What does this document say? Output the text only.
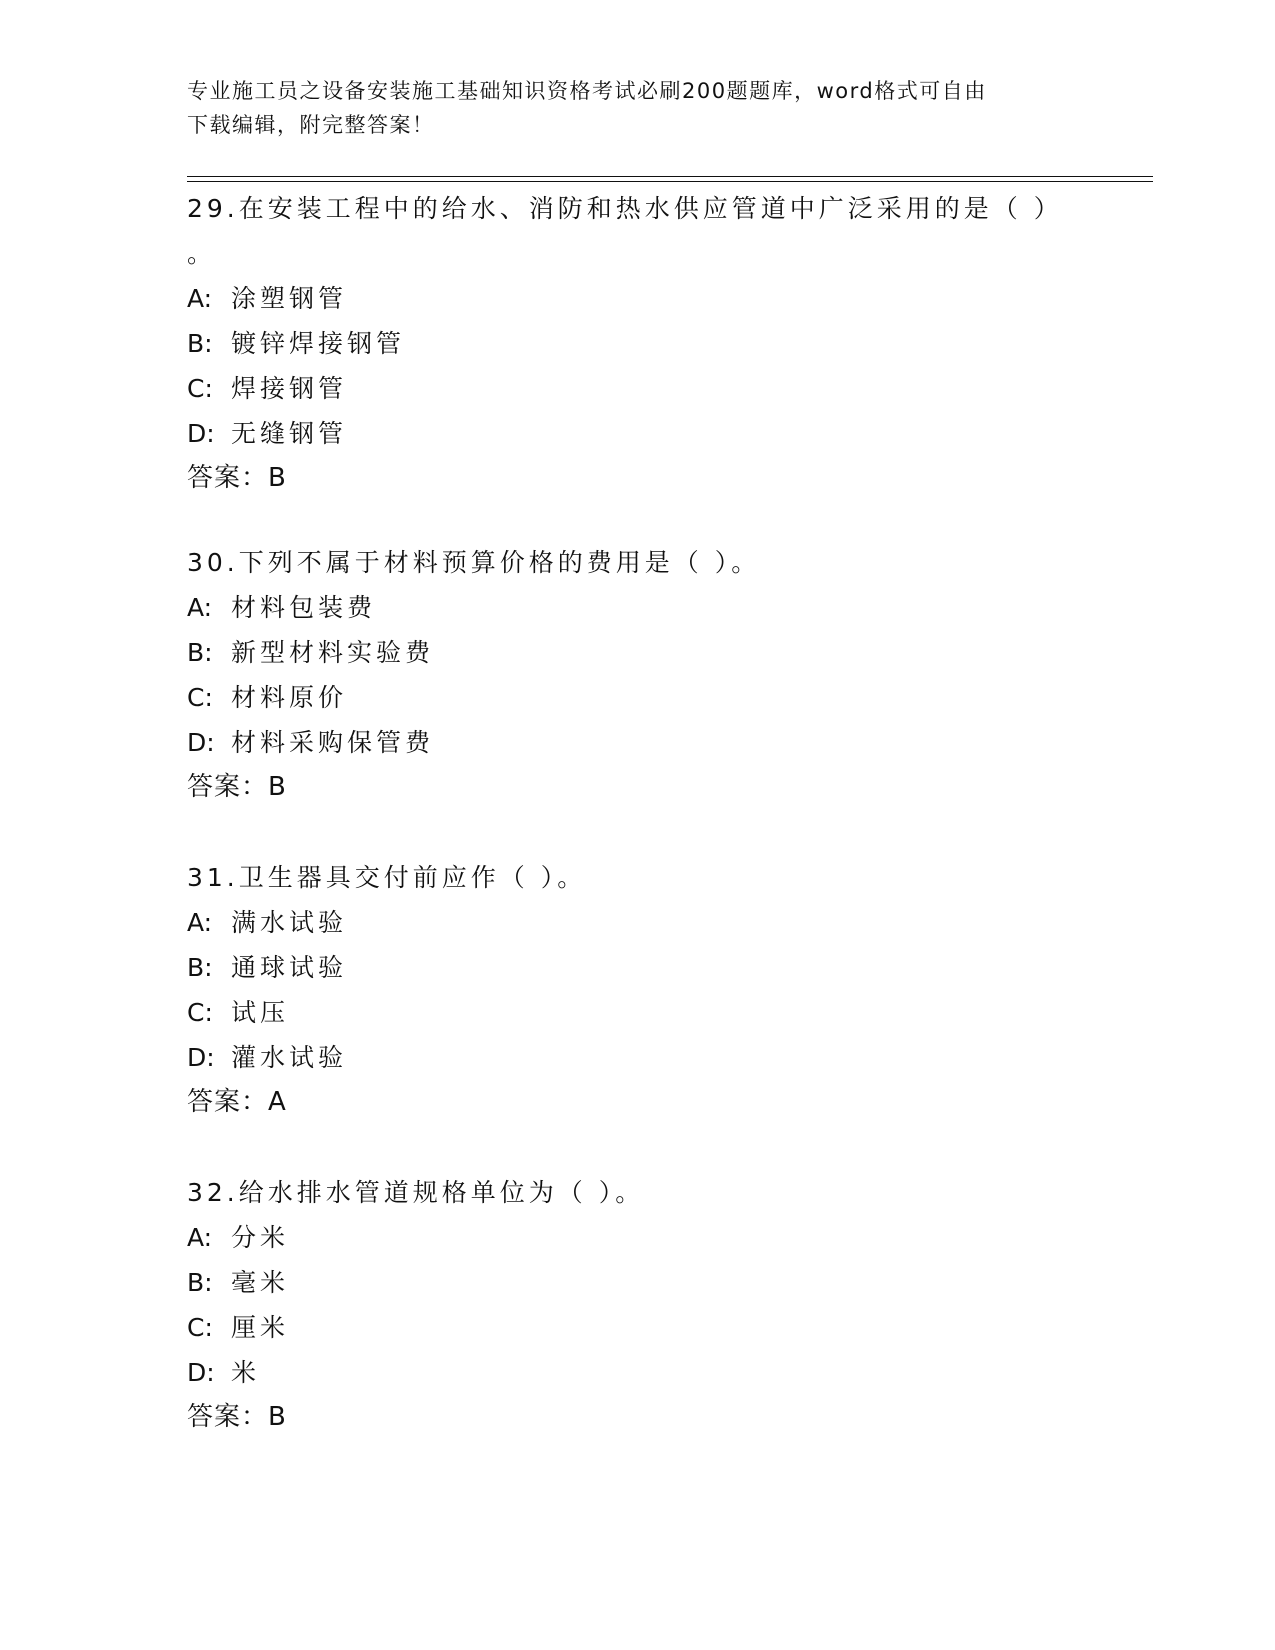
专业施工员之设备安装施工基础知识资格考试必刷200题题库，word格式可自由
下载编辑，附完整答案！
29.在安装工程中的给水、消防和热水供应管道中广泛采用的是（ ）
。
A: 涂塑钢管
B: 镀锌焊接钢管
C: 焊接钢管
D: 无缝钢管
答案：B
30.下列不属于材料预算价格的费用是（ ）。
A: 材料包装费
B: 新型材料实验费
C: 材料原价
D: 材料采购保管费
答案：B
31.卫生器具交付前应作（ ）。
A: 满水试验
B: 通球试验
C: 试压
D: 灌水试验
答案：A
32.给水排水管道规格单位为（ ）。
A: 分米
B: 毫米
C: 厘米
D: 米
答案：B
